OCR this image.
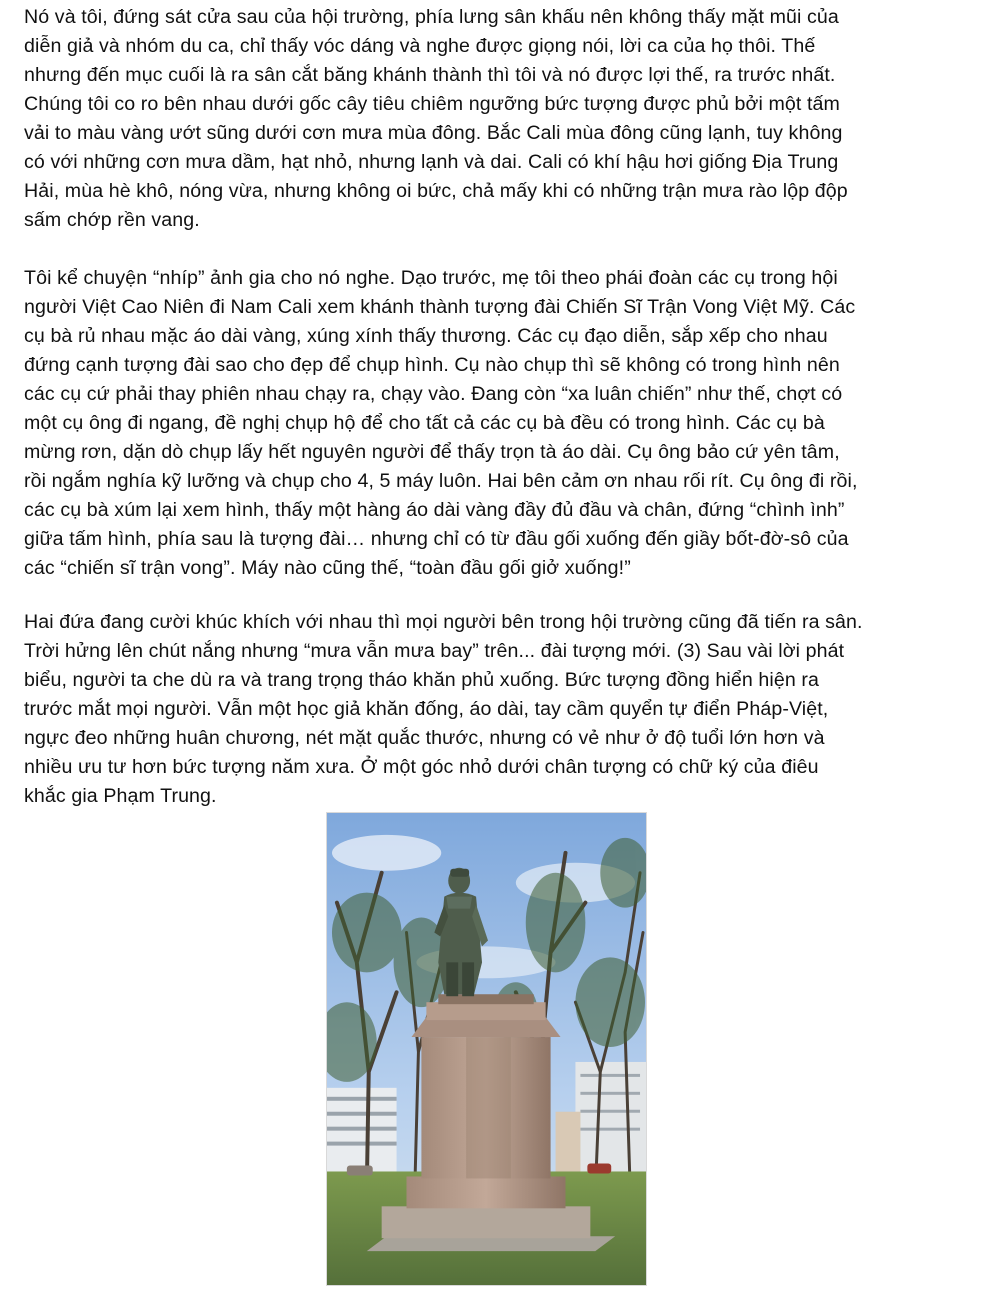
Nó và tôi, đứng sát cửa sau của hội trường, phía lưng sân khấu nên không thấy mặt mũi của
diễn giả và nhóm du ca, chỉ thấy vóc dáng và nghe được giọng nói, lời ca của họ thôi. Thế
nhưng đến mục cuối là ra sân cắt băng khánh thành thì tôi và nó được lợi thế, ra trước nhất.
Chúng tôi co ro bên nhau dưới gốc cây tiêu chiêm ngưỡng bức tượng được phủ bởi một tấm
vải to màu vàng ướt sũng dưới cơn mưa mùa đông. Bắc Cali mùa đông cũng lạnh, tuy không
có với những cơn mưa dầm, hạt nhỏ, nhưng lạnh và dai. Cali có khí hậu hơi giống Địa Trung
Hải, mùa hè khô, nóng vừa, nhưng không oi bức, chả mấy khi có những trận mưa rào lộp độp
sấm chớp rền vang.

Tôi kể chuyện “nhíp” ảnh gia cho nó nghe. Dạo trước, mẹ tôi theo phái đoàn các cụ trong hội
người Việt Cao Niên đi Nam Cali xem khánh thành tượng đài Chiến Sĩ Trận Vong Việt Mỹ. Các
cụ bà rủ nhau mặc áo dài vàng, xúng xính thấy thương. Các cụ đạo diễn, sắp xếp cho nhau
đứng cạnh tượng đài sao cho đẹp để chụp hình. Cụ nào chụp thì sẽ không có trong hình nên
các cụ cứ phải thay phiên nhau chạy ra, chạy vào. Đang còn “xa luân chiến” như thế, chợt có
một cụ ông đi ngang, đề nghị chụp hộ để cho tất cả các cụ bà đều có trong hình. Các cụ bà
mừng rơn, dặn dò chụp lấy hết nguyên người để thấy trọn tà áo dài. Cụ ông bảo cứ yên tâm,
rồi ngắm nghía kỹ lưỡng và chụp cho 4, 5 máy luôn. Hai bên cảm ơn nhau rối rít. Cụ ông đi rồi,
các cụ bà xúm lại xem hình, thấy một hàng áo dài vàng đầy đủ đầu và chân, đứng “chình ình”
giữa tấm hình, phía sau là tượng đài… nhưng chỉ có từ đầu gối xuống đến giầy bốt-đờ-sô của
các “chiến sĩ trận vong”. Máy nào cũng thế, “toàn đầu gối giở xuống!”

Hai đứa đang cười khúc khích với nhau thì mọi người bên trong hội trường cũng đã tiến ra sân.
Trời hửng lên chút nắng nhưng “mưa vẫn mưa bay” trên... đài tượng mới. (3) Sau vài lời phát
biểu, người ta che dù ra và trang trọng tháo khăn phủ xuống. Bức tượng đồng hiển hiện ra
trước mắt mọi người. Vẫn một học giả khăn đống, áo dài, tay cầm quyển tự điển Pháp-Việt,
ngực đeo những huân chương, nét mặt quắc thước, nhưng có vẻ như ở độ tuổi lớn hơn và
nhiều ưu tư hơn bức tượng năm xưa. Ở một góc nhỏ dưới chân tượng có chữ ký của điêu
khắc gia Phạm Trung.
